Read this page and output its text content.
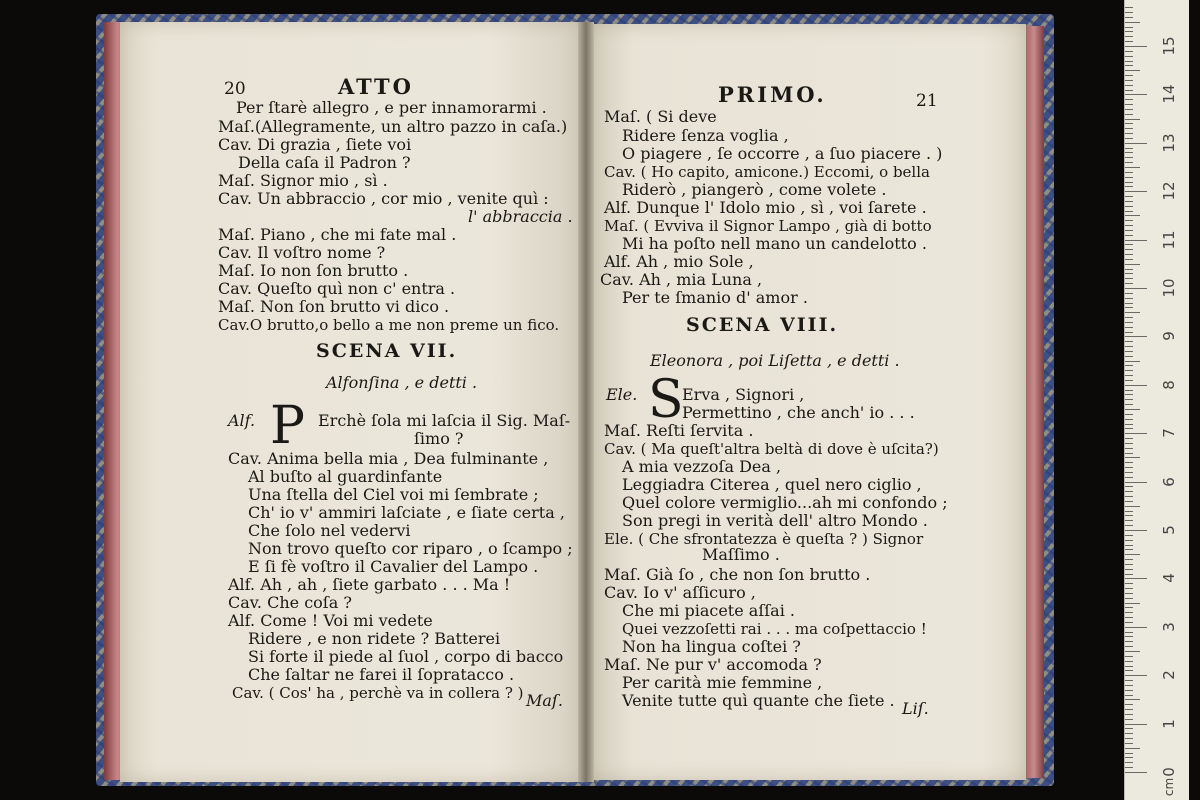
20	ATTO
Per ſtarè allegro , e per innamorarmi .
Maſ.(Allegramente, un altro pazzo in caſa.)
Cav. Di grazia , ſiete voi
Della caſa il Padron ?
Maſ. Signor mio , sì .
Cav. Un abbraccio , cor mio , venite quì :
l' abbraccia .
Maſ. Piano , che mi fate mal .
Cav. Il voſtro nome ?
Maſ. Io non ſon brutto .
Cav. Queſto quì non c' entra .
Maſ. Non ſon brutto vi dico .
Cav.O brutto,o bello a me non preme un fico.
SCENA VII.
Alfonſina , e detti .
Alf. P Erchè ſola mi laſcia il Sig. Maſ-
ſimo ?
Cav. Anima bella mia , Dea fulminante ,
Al buſto al guardinfante
Una ſtella del Ciel voi mi ſembrate ;
Ch' io v' ammiri laſciate , e ſiate certa ,
Che ſolo nel vedervi
Non trovo queſto cor riparo , o ſcampo ;
E ſi fè voſtro il Cavalier del Lampo .
Alf. Ah , ah , ſiete garbato . . . Ma !
Cav. Che coſa ?
Alf. Come ! Voi mi vedete
Ridere , e non ridete ? Batterei
Si forte il piede al ſuol , corpo di bacco
Che ſaltar ne farei il ſopratacco .
Cav. ( Cos' ha , perchè va in collera ? ) Maſ.
PRIMO.	21
Maſ. ( Si deve
Ridere ſenza voglia ,
O piagere , ſe occorre , a ſuo piacere . )
Cav. ( Ho capito, amicone.) Eccomi, o bella
Riderò , piangerò , come volete .
Alf. Dunque l' Idolo mio , sì , voi ſarete .
Maſ. ( Evviva il Signor Lampo , già di botto
Mi ha poſto nell mano un candelotto .
Alf. Ah , mio Sole ,
Cav. Ah , mia Luna ,
Per te ſmanio d' amor .
SCENA VIII.
Eleonora , poi Liſetta , e detti .
Ele. S
Erva , Signori ,
Permettino , che anch' io . . .
Maſ. Reſti ſervita .
Cav. ( Ma queſt'altra beltà di dove è uſcita?)
A mia vezzoſa Dea ,
Leggiadra Citerea , quel nero ciglio ,
Quel colore vermiglio...ah mi confondo ;
Son pregi in verità dell' altro Mondo .
Ele. ( Che sfrontatezza è queſta ? ) Signor
Maſſimo .
Maſ. Già ſo , che non ſon brutto .
Cav. Io v' aſſicuro ,
Che mi piacete aſſai .
Quei vezzoſetti rai . . . ma coſpettaccio !
Non ha lingua coſtei ?
Maſ. Ne pur v' accomoda ?
Per carità mie femmine ,
Venite tutte quì quante che ſiete . Liſ.
0
1
2
3
4
5
6
7
8
9
10
11
12
13
14
15
cm
